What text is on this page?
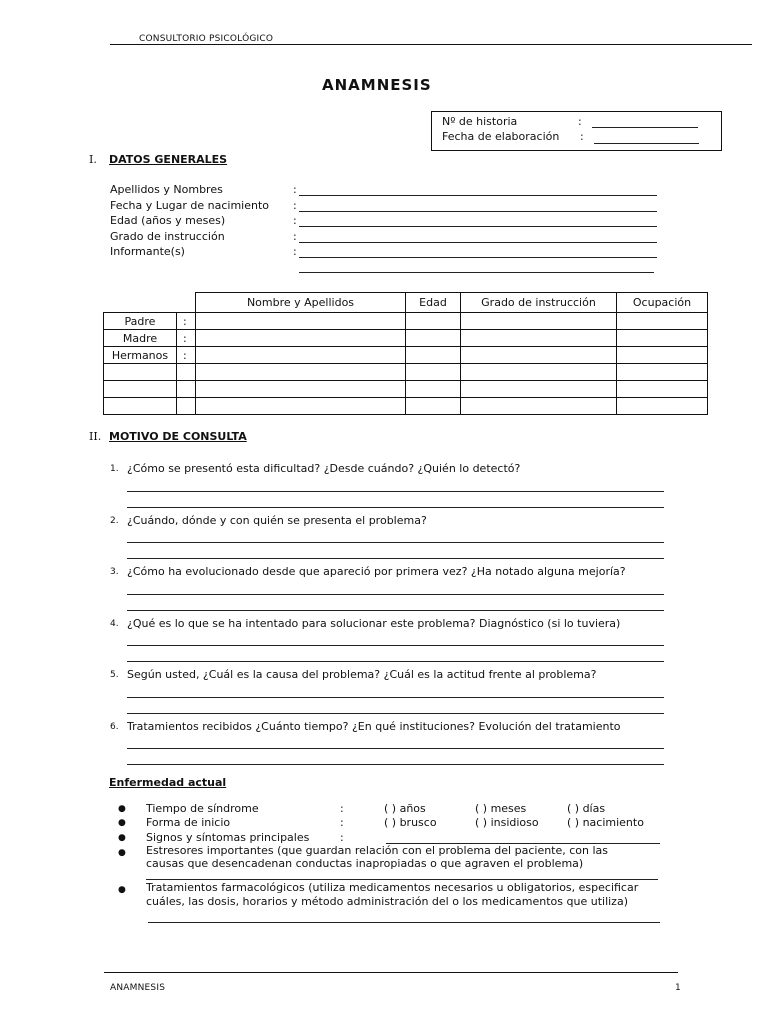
CONSULTORIO PSICOLÓGICO
ANAMNESIS
Nº de historia	:
Fecha de elaboración :
I. DATOS GENERALES
Apellidos y Nombres	:
Fecha y Lugar de nacimiento :
Edad (años y meses)	:
Grado de instrucción	:
Informante(s)	:
		Nombre y Apellidos	Edad	Grado de instrucción	Ocupación
Padre	:				
Madre	:				
Hermanos	:				

II. MOTIVO DE CONSULTA
1. ¿Cómo se presentó esta dificultad? ¿Desde cuándo? ¿Quién lo detectó?
2. ¿Cuándo, dónde y con quién se presenta el problema?
3. ¿Cómo ha evolucionado desde que apareció por primera vez? ¿Ha notado alguna mejoría?
4. ¿Qué es lo que se ha intentado para solucionar este problema? Diagnóstico (si lo tuviera)
5. Según usted, ¿Cuál es la causa del problema? ¿Cuál es la actitud frente al problema?
6. Tratamientos recibidos ¿Cuánto tiempo? ¿En qué instituciones? Evolución del tratamiento
Enfermedad actual
● Tiempo de síndrome	:	( ) años	( ) meses	( ) días
● Forma de inicio	:	( ) brusco	( ) insidioso	( ) nacimiento
● Signos y síntomas principales	:
● Estresores importantes (que guardan relación con el problema del paciente, con las
causas que desencadenan conductas inapropiadas o que agraven el problema)
● Tratamientos farmacológicos (utiliza medicamentos necesarios u obligatorios, especificar
cuáles, las dosis, horarios y método administración del o los medicamentos que utiliza)
ANAMNESIS	1
